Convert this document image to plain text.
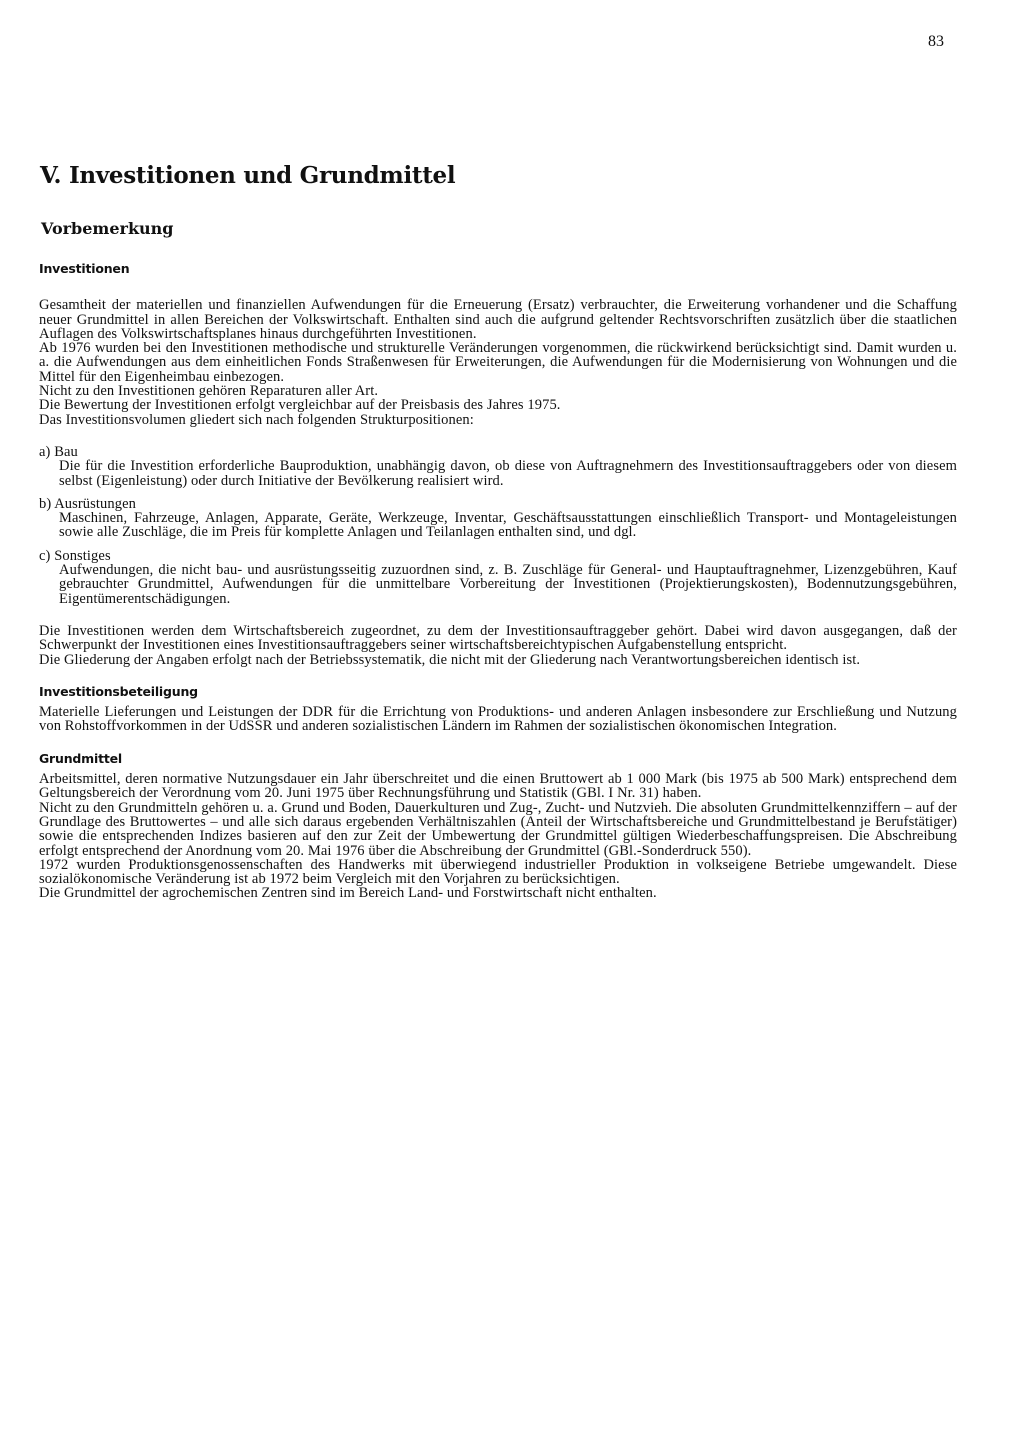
83
V. Investitionen und Grundmittel
Vorbemerkung

Investitionen

Gesamtheit der materiellen und finanziellen Aufwendungen für die Erneuerung (Ersatz) verbrauchter, die Erweiterung vorhandener und die Schaffung neuer Grundmittel in allen Bereichen der Volkswirtschaft. Enthalten sind auch die aufgrund geltender Rechtsvorschriften zusätzlich über die staatlichen Auflagen des Volkswirtschaftsplanes hinaus durchgeführten Investitionen.

Ab 1976 wurden bei den Investitionen methodische und strukturelle Veränderungen vorgenommen, die rückwirkend berücksichtigt sind. Damit wurden u. a. die Aufwendungen aus dem einheitlichen Fonds Straßenwesen für Erweiterungen, die Aufwendungen für die Modernisierung von Wohnungen und die Mittel für den Eigenheimbau einbezogen.

Nicht zu den Investitionen gehören Reparaturen aller Art.

Die Bewertung der Investitionen erfolgt vergleichbar auf der Preisbasis des Jahres 1975.

Das Investitionsvolumen gliedert sich nach folgenden Strukturpositionen:

a) Bau

Die für die Investition erforderliche Bauproduktion, unabhängig davon, ob diese von Auftragnehmern des Investitionsauftraggebers oder von diesem selbst (Eigenleistung) oder durch Initiative der Bevölkerung realisiert wird.

b) Ausrüstungen

Maschinen, Fahrzeuge, Anlagen, Apparate, Geräte, Werkzeuge, Inventar, Geschäftsausstattungen einschließlich Transport- und Montageleistungen sowie alle Zuschläge, die im Preis für komplette Anlagen und Teilanlagen enthalten sind, und dgl.

c) Sonstiges

Aufwendungen, die nicht bau- und ausrüstungsseitig zuzuordnen sind, z. B. Zuschläge für General- und Hauptauftragnehmer, Lizenzgebühren, Kauf gebrauchter Grundmittel, Aufwendungen für die unmittelbare Vorbereitung der Investitionen (Projektierungskosten), Bodennutzungsgebühren, Eigentümerentschädigungen.

Die Investitionen werden dem Wirtschaftsbereich zugeordnet, zu dem der Investitionsauftraggeber gehört. Dabei wird davon ausgegangen, daß der Schwerpunkt der Investitionen eines Investitionsauftraggebers seiner wirtschaftsbereichtypischen Aufgabenstellung entspricht.

Die Gliederung der Angaben erfolgt nach der Betriebssystematik, die nicht mit der Gliederung nach Verantwortungsbereichen identisch ist.

Investitionsbeteiligung

Materielle Lieferungen und Leistungen der DDR für die Errichtung von Produktions- und anderen Anlagen insbesondere zur Erschließung und Nutzung von Rohstoffvorkommen in der UdSSR und anderen sozialistischen Ländern im Rahmen der sozialistischen ökonomischen Integration.

Grundmittel

Arbeitsmittel, deren normative Nutzungsdauer ein Jahr überschreitet und die einen Bruttowert ab 1 000 Mark (bis 1975 ab 500 Mark) entsprechend dem Geltungsbereich der Verordnung vom 20. Juni 1975 über Rechnungsführung und Statistik (GBl. I Nr. 31) haben.

Nicht zu den Grundmitteln gehören u. a. Grund und Boden, Dauerkulturen und Zug-, Zucht- und Nutzvieh. Die absoluten Grundmittelkennziffern – auf der Grundlage des Bruttowertes – und alle sich daraus ergebenden Verhältniszahlen (Anteil der Wirtschaftsbereiche und Grundmittelbestand je Berufstätiger) sowie die entsprechenden Indizes basieren auf den zur Zeit der Umbewertung der Grundmittel gültigen Wiederbeschaffungspreisen. Die Abschreibung erfolgt entsprechend der Anordnung vom 20. Mai 1976 über die Abschreibung der Grundmittel (GBl.-Sonderdruck 550).

1972 wurden Produktionsgenossenschaften des Handwerks mit überwiegend industrieller Produktion in volkseigene Betriebe umgewandelt. Diese sozialökonomische Veränderung ist ab 1972 beim Vergleich mit den Vorjahren zu berücksichtigen.

Die Grundmittel der agrochemischen Zentren sind im Bereich Land- und Forstwirtschaft nicht enthalten.
